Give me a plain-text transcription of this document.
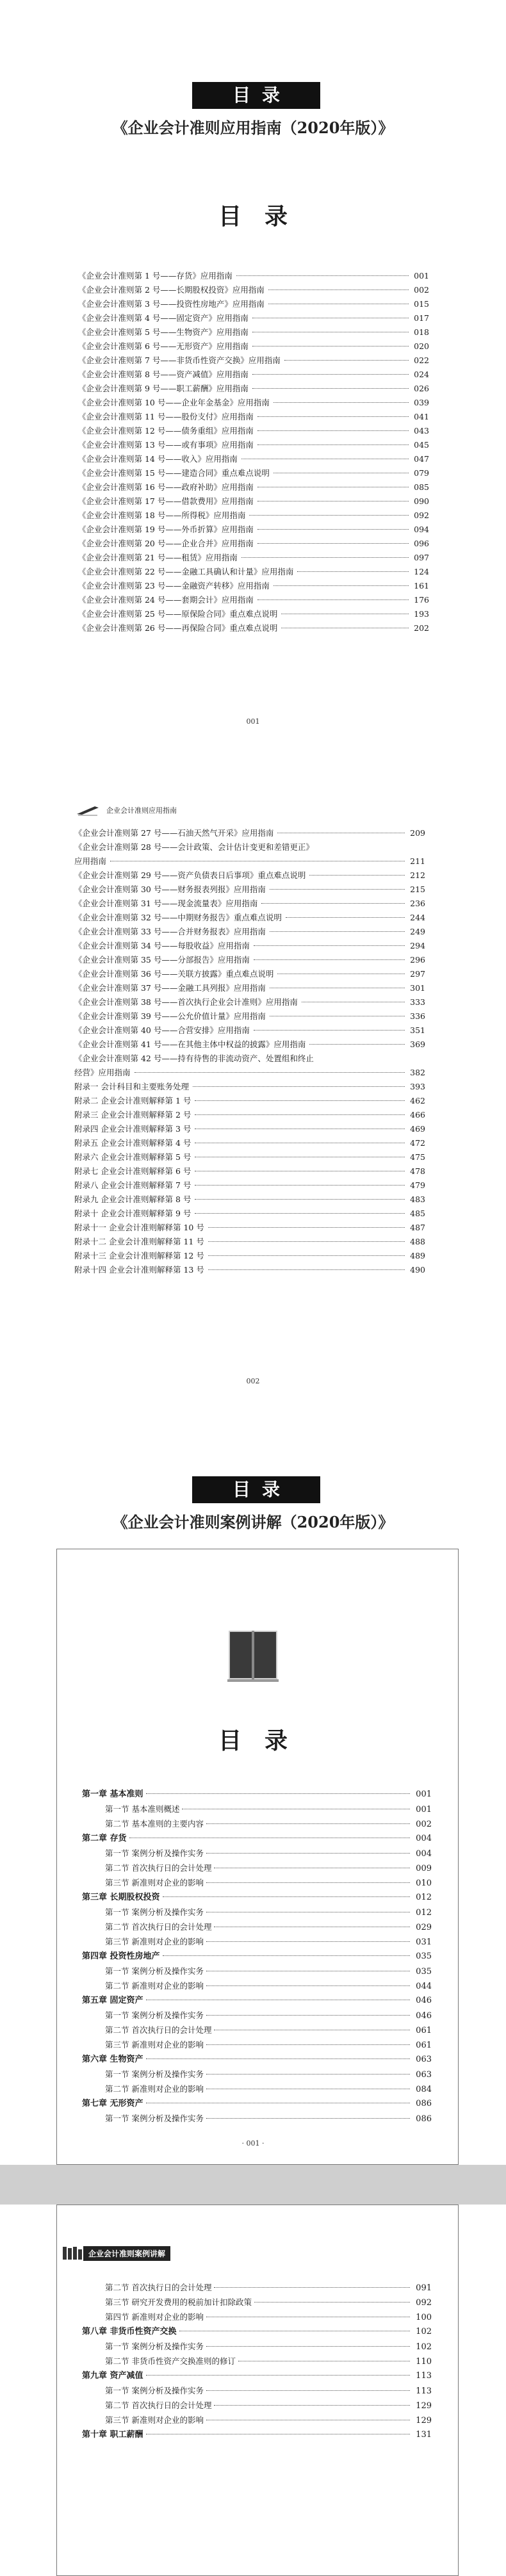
目录
《企业会计准则应用指南（2020年版）》
目录
《企业会计准则第 1 号——存货》应用指南	001
《企业会计准则第 2 号——长期股权投资》应用指南	002
《企业会计准则第 3 号——投资性房地产》应用指南	015
《企业会计准则第 4 号——固定资产》应用指南	017
《企业会计准则第 5 号——生物资产》应用指南	018
《企业会计准则第 6 号——无形资产》应用指南	020
《企业会计准则第 7 号——非货币性资产交换》应用指南	022
《企业会计准则第 8 号——资产减值》应用指南	024
《企业会计准则第 9 号——职工薪酬》应用指南	026
《企业会计准则第 10 号——企业年金基金》应用指南	039
《企业会计准则第 11 号——股份支付》应用指南	041
《企业会计准则第 12 号——债务重组》应用指南	043
《企业会计准则第 13 号——或有事项》应用指南	045
《企业会计准则第 14 号——收入》应用指南	047
《企业会计准则第 15 号——建造合同》重点难点说明	079
《企业会计准则第 16 号——政府补助》应用指南	085
《企业会计准则第 17 号——借款费用》应用指南	090
《企业会计准则第 18 号——所得税》应用指南	092
《企业会计准则第 19 号——外币折算》应用指南	094
《企业会计准则第 20 号——企业合并》应用指南	096
《企业会计准则第 21 号——租赁》应用指南	097
《企业会计准则第 22 号——金融工具确认和计量》应用指南	124
《企业会计准则第 23 号——金融资产转移》应用指南	161
《企业会计准则第 24 号——套期会计》应用指南	176
《企业会计准则第 25 号——原保险合同》重点难点说明	193
《企业会计准则第 26 号——再保险合同》重点难点说明	202
001
企业会计准则应用指南
《企业会计准则第 27 号——石油天然气开采》应用指南	209
《企业会计准则第 28 号——会计政策、会计估计变更和差错更正》
应用指南	211
《企业会计准则第 29 号——资产负债表日后事项》重点难点说明	212
《企业会计准则第 30 号——财务报表列报》应用指南	215
《企业会计准则第 31 号——现金流量表》应用指南	236
《企业会计准则第 32 号——中期财务报告》重点难点说明	244
《企业会计准则第 33 号——合并财务报表》应用指南	249
《企业会计准则第 34 号——每股收益》应用指南	294
《企业会计准则第 35 号——分部报告》应用指南	296
《企业会计准则第 36 号——关联方披露》重点难点说明	297
《企业会计准则第 37 号——金融工具列报》应用指南	301
《企业会计准则第 38 号——首次执行企业会计准则》应用指南	333
《企业会计准则第 39 号——公允价值计量》应用指南	336
《企业会计准则第 40 号——合营安排》应用指南	351
《企业会计准则第 41 号——在其他主体中权益的披露》应用指南	369
《企业会计准则第 42 号——持有待售的非流动资产、处置组和终止
经营》应用指南	382
附录一 会计科目和主要账务处理	393
附录二 企业会计准则解释第 1 号	462
附录三 企业会计准则解释第 2 号	466
附录四 企业会计准则解释第 3 号	469
附录五 企业会计准则解释第 4 号	472
附录六 企业会计准则解释第 5 号	475
附录七 企业会计准则解释第 6 号	478
附录八 企业会计准则解释第 7 号	479
附录九 企业会计准则解释第 8 号	483
附录十 企业会计准则解释第 9 号	485
附录十一 企业会计准则解释第 10 号	487
附录十二 企业会计准则解释第 11 号	488
附录十三 企业会计准则解释第 12 号	489
附录十四 企业会计准则解释第 13 号	490
002
目录
《企业会计准则案例讲解（2020年版）》
目录
第一章 基本准则	001
第一节 基本准则概述	001
第二节 基本准则的主要内容	002
第二章 存货	004
第一节 案例分析及操作实务	004
第二节 首次执行日的会计处理	009
第三节 新准则对企业的影响	010
第三章 长期股权投资	012
第一节 案例分析及操作实务	012
第二节 首次执行日的会计处理	029
第三节 新准则对企业的影响	031
第四章 投资性房地产	035
第一节 案例分析及操作实务	035
第二节 新准则对企业的影响	044
第五章 固定资产	046
第一节 案例分析及操作实务	046
第二节 首次执行日的会计处理	061
第三节 新准则对企业的影响	061
第六章 生物资产	063
第一节 案例分析及操作实务	063
第二节 新准则对企业的影响	084
第七章 无形资产	086
第一节 案例分析及操作实务	086
· 001 ·
企业会计准则案例讲解
第二节 首次执行日的会计处理	091
第三节 研究开发费用的税前加计扣除政策	092
第四节 新准则对企业的影响	100
第八章 非货币性资产交换	102
第一节 案例分析及操作实务	102
第二节 非货币性资产交换准则的修订	110
第九章 资产减值	113
第一节 案例分析及操作实务	113
第二节 首次执行日的会计处理	129
第三节 新准则对企业的影响	129
第十章 职工薪酬	131
